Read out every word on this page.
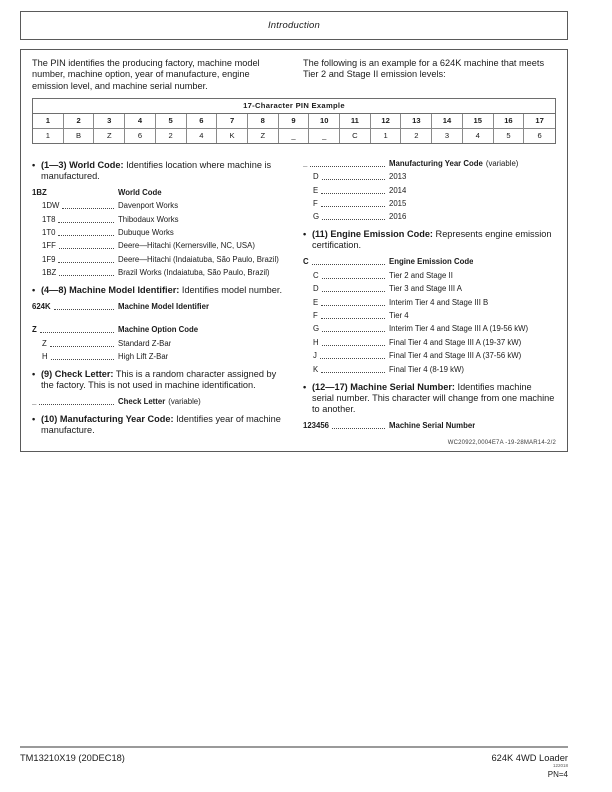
Introduction

The PIN identifies the producing factory, machine model number, machine option, year of manufacture, engine emission level, and machine serial number.

The following is an example for a 624K machine that meets Tier 2 and Stage II emission levels:

17-Character PIN Example
1	2	3	4	5	6	7	8	9	10	11	12	13	14	15	16	17
1	B	Z	6	2	4	K	Z	_	_	C	1	2	3	4	5	6
•
(1—3) World Code: Identifies location where machine is manufactured.
1BZ	World Code
1DW	Davenport Works
1T8	Thibodaux Works
1T0	Dubuque Works
1FF	Deere—Hitachi (Kernersville, NC, USA)
1F9	Deere—Hitachi (Indaiatuba, São Paulo, Brazil)
1BZ	Brazil Works (Indaiatuba, São Paulo, Brazil)
•
(4—8) Machine Model Identifier: Identifies model number.
624K	Machine Model Identifier
Z	Machine Option Code
Z	Standard Z-Bar
H	High Lift Z-Bar
•
(9) Check Letter: This is a random character assigned by the factory. This is not used in machine identification.
_	Check Letter (variable)
•
(10) Manufacturing Year Code: Identifies year of machine manufacture.
_	Manufacturing Year Code (variable)
D	2013
E	2014
F	2015
G	2016
•
(11) Engine Emission Code: Represents engine emission certification.
C	Engine Emission Code
C	Tier 2 and Stage II
D	Tier 3 and Stage III A
E	Interim Tier 4 and Stage III B
F	Tier 4
G	Interim Tier 4 and Stage III A (19-56 kW)
H	Final Tier 4 and Stage III A (19-37 kW)
J	Final Tier 4 and Stage III A (37-56 kW)
K	Final Tier 4 (8-19 kW)
•
(12—17) Machine Serial Number: Identifies machine serial number. This character will change from one machine to another.
123456	Machine Serial Number
WC20922,0004E7A -19-28MAR14-2/2
TM13210X19 (20DEC18)	624K 4WD Loader
122018
PN=4
